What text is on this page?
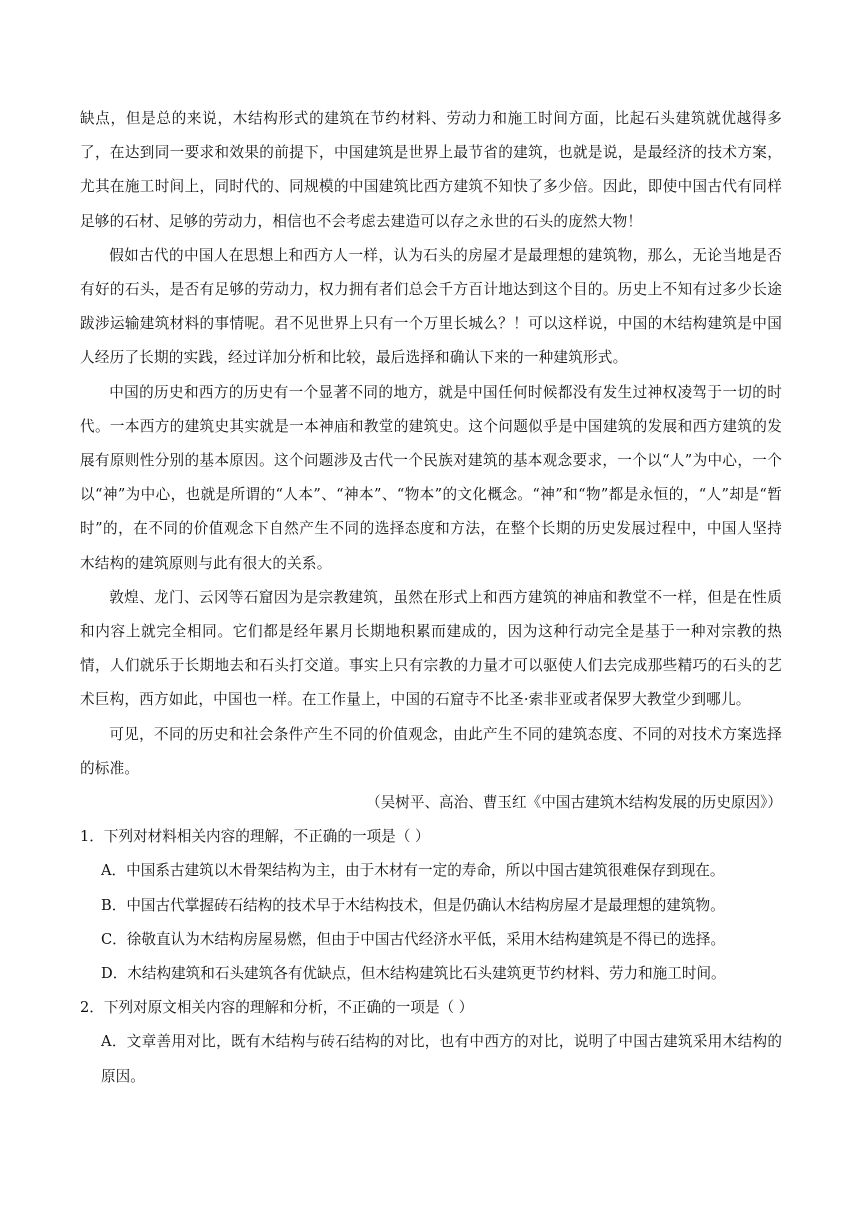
缺点，但是总的来说，木结构形式的建筑在节约材料、劳动力和施工时间方面，比起石头建筑就优越得多了，在达到同一要求和效果的前提下，中国建筑是世界上最节省的建筑，也就是说，是最经济的技术方案，尤其在施工时间上，同时代的、同规模的中国建筑比西方建筑不知快了多少倍。因此，即使中国古代有同样足够的石材、足够的劳动力，相信也不会考虑去建造可以存之永世的石头的庞然大物！

假如古代的中国人在思想上和西方人一样，认为石头的房屋才是最理想的建筑物，那么，无论当地是否有好的石头，是否有足够的劳动力，权力拥有者们总会千方百计地达到这个目的。历史上不知有过多少长途跋涉运输建筑材料的事情呢。君不见世界上只有一个万里长城么？！可以这样说，中国的木结构建筑是中国人经历了长期的实践，经过详加分析和比较，最后选择和确认下来的一种建筑形式。

中国的历史和西方的历史有一个显著不同的地方，就是中国任何时候都没有发生过神权凌驾于一切的时代。一本西方的建筑史其实就是一本神庙和教堂的建筑史。这个问题似乎是中国建筑的发展和西方建筑的发展有原则性分别的基本原因。这个问题涉及古代一个民族对建筑的基本观念要求，一个以“人”为中心，一个以“神”为中心，也就是所谓的“人本”、“神本”、“物本”的文化概念。“神”和“物”都是永恒的，“人”却是“暂时”的，在不同的价值观念下自然产生不同的选择态度和方法，在整个长期的历史发展过程中，中国人坚持木结构的建筑原则与此有很大的关系。

敦煌、龙门、云冈等石窟因为是宗教建筑，虽然在形式上和西方建筑的神庙和教堂不一样，但是在性质和内容上就完全相同。它们都是经年累月长期地积累而建成的，因为这种行动完全是基于一种对宗教的热情，人们就乐于长期地去和石头打交道。事实上只有宗教的力量才可以驱使人们去完成那些精巧的石头的艺术巨构，西方如此，中国也一样。在工作量上，中国的石窟寺不比圣·索非亚或者保罗大教堂少到哪儿。

可见，不同的历史和社会条件产生不同的价值观念，由此产生不同的建筑态度、不同的对技术方案选择的标准。

（吴树平、高治、曹玉红《中国古建筑木结构发展的历史原因》）

1．下列对材料相关内容的理解，不正确的一项是（ ）

A．中国系古建筑以木骨架结构为主，由于木材有一定的寿命，所以中国古建筑很难保存到现在。

B．中国古代掌握砖石结构的技术早于木结构技术，但是仍确认木结构房屋才是最理想的建筑物。

C．徐敬直认为木结构房屋易燃，但由于中国古代经济水平低，采用木结构建筑是不得已的选择。

D．木结构建筑和石头建筑各有优缺点，但木结构建筑比石头建筑更节约材料、劳力和施工时间。

2．下列对原文相关内容的理解和分析，不正确的一项是（ ）

A．文章善用对比，既有木结构与砖石结构的对比，也有中西方的对比，说明了中国古建筑采用木结构的原因。
